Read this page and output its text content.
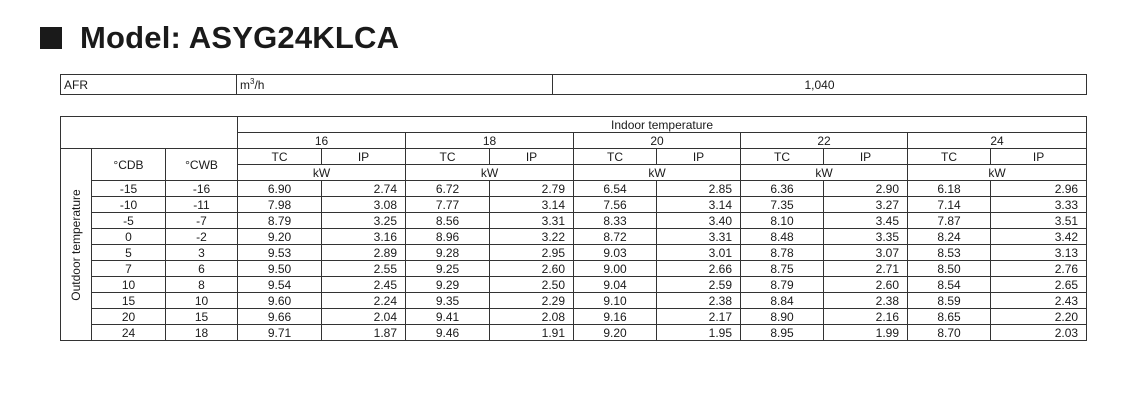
Model: ASYG24KLCA
AFR	$m^3/h$	1,040
			Indoor temperature									
			16		18		20		22		24	

Outdoor temperature	°CDB	°CWB	TC	IP	TC	IP	TC	IP	TC	IP	TC	IP
			kW		kW		kW		kW		kW	
	-15	-16	6.90	2.74	6.72	2.79	6.54	2.85	6.36	2.90	6.18	2.96
	-10	-11	7.98	3.08	7.77	3.14	7.56	3.14	7.35	3.27	7.14	3.33
	-5	-7	8.79	3.25	8.56	3.31	8.33	3.40	8.10	3.45	7.87	3.51
	0	-2	9.20	3.16	8.96	3.22	8.72	3.31	8.48	3.35	8.24	3.42
	5	3	9.53	2.89	9.28	2.95	9.03	3.01	8.78	3.07	8.53	3.13
	7	6	9.50	2.55	9.25	2.60	9.00	2.66	8.75	2.71	8.50	2.76
	10	8	9.54	2.45	9.29	2.50	9.04	2.59	8.79	2.60	8.54	2.65
	15	10	9.60	2.24	9.35	2.29	9.10	2.38	8.84	2.38	8.59	2.43
	20	15	9.66	2.04	9.41	2.08	9.16	2.17	8.90	2.16	8.65	2.20
	24	18	9.71	1.87	9.46	1.91	9.20	1.95	8.95	1.99	8.70	2.03
